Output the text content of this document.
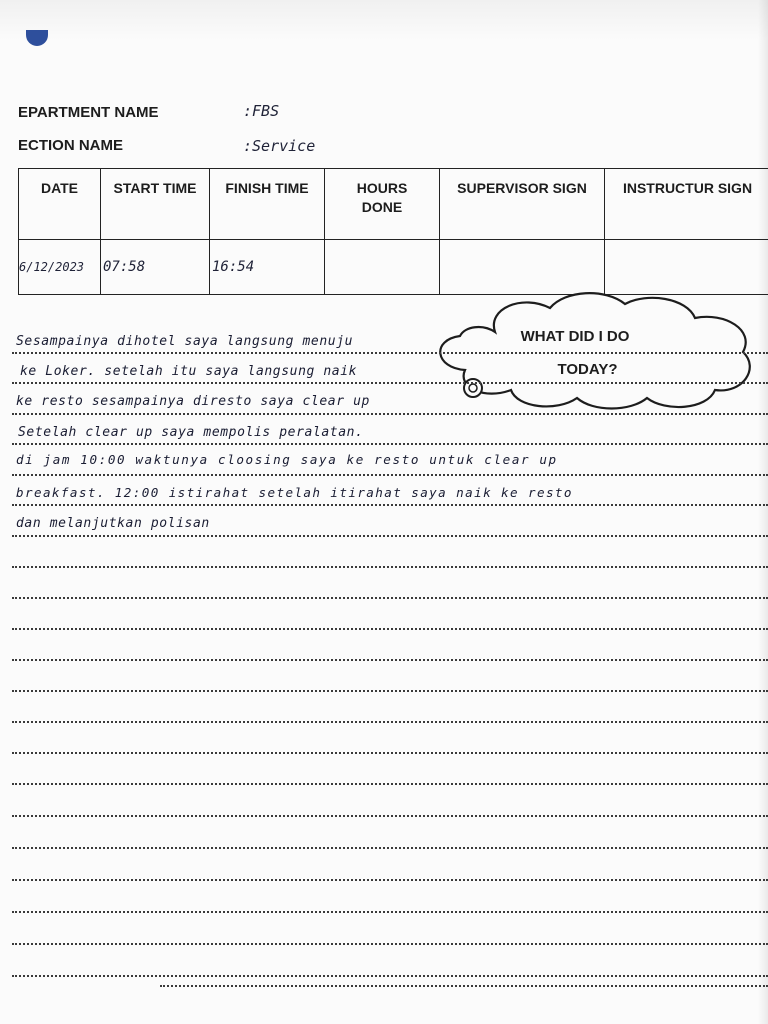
EPARTMENT NAME	:FBS
ECTION NAME	:Service
DATE	START TIME	FINISH TIME	HOURS DONE	SUPERVISOR SIGN	INSTRUCTUR SIGN
6/12/2023	07:58	16:54			
WHAT DID I DO
TODAY?
Sesampainya dihotel saya langsung menuju
ke Loker. setelah itu saya langsung naik
ke resto sesampainya diresto saya clear up
Setelah clear up saya mempolis peralatan.
di jam 10:00 waktunya cloosing saya ke resto untuk clear up
breakfast. 12:00 istirahat setelah itirahat saya naik ke resto
dan melanjutkan polisan
